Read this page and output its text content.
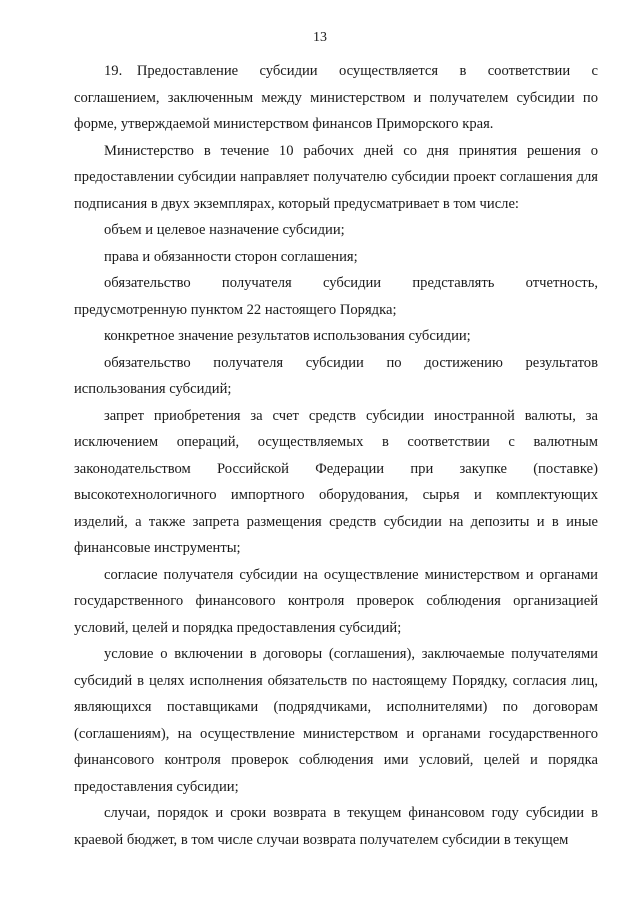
13

19. Предоставление субсидии осуществляется в соответствии с соглашением, заключенным между министерством и получателем субсидии по форме, утверждаемой министерством финансов Приморского края.

Министерство в течение 10 рабочих дней со дня принятия решения о предоставлении субсидии направляет получателю субсидии проект соглашения для подписания в двух экземплярах, который предусматривает в том числе:

объем и целевое назначение субсидии;

права и обязанности сторон соглашения;

обязательство получателя субсидии представлять отчетность, предусмотренную пунктом 22 настоящего Порядка;

конкретное значение результатов использования субсидии;

обязательство получателя субсидии по достижению результатов использования субсидий;

запрет приобретения за счет средств субсидии иностранной валюты, за исключением операций, осуществляемых в соответствии с валютным законодательством Российской Федерации при закупке (поставке) высокотехнологичного импортного оборудования, сырья и комплектующих изделий, а также запрета размещения средств субсидии на депозиты и в иные финансовые инструменты;

согласие получателя субсидии на осуществление министерством и органами государственного финансового контроля проверок соблюдения организацией условий, целей и порядка предоставления субсидий;

условие о включении в договоры (соглашения), заключаемые получателями субсидий в целях исполнения обязательств по настоящему Порядку, согласия лиц, являющихся поставщиками (подрядчиками, исполнителями) по договорам (соглашениям), на осуществление министерством и органами государственного финансового контроля проверок соблюдения ими условий, целей и порядка предоставления субсидии;

случаи, порядок и сроки возврата в текущем финансовом году субсидии в краевой бюджет, в том числе случаи возврата получателем субсидии в текущем
